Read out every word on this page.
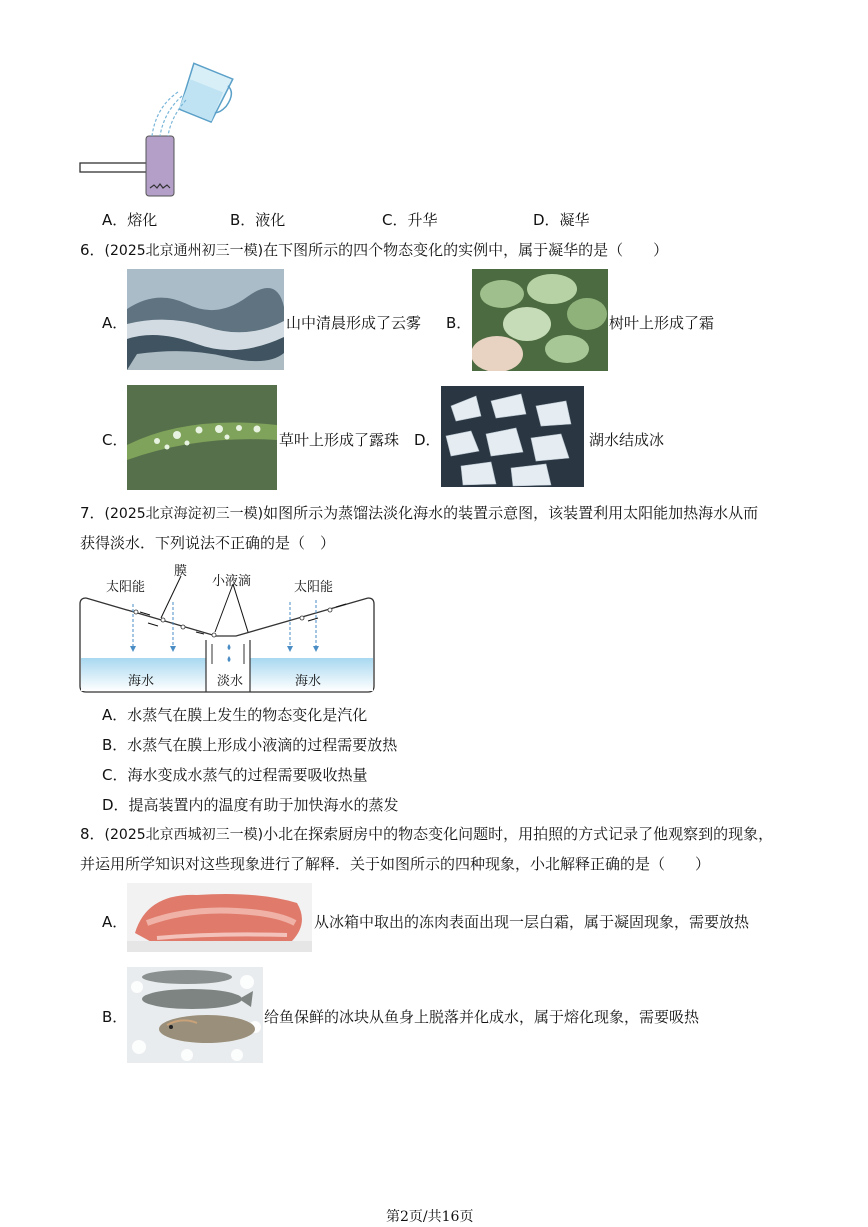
A．熔化	B．液化	C．升华	D．凝华
6．(2025北京通州初三一模)在下图所示的四个物态变化的实例中，属于凝华的是（　　）
A．	山中清晨形成了云雾 B．	树叶上形成了霜
C．	草叶上形成了露珠 D．	湖水结成冰
7．(2025北京海淀初三一模)如图所示为蒸馏法淡化海水的装置示意图，该装置利用太阳能加热海水从而
获得淡水．下列说法不正确的是（　）
太阳能
膜
小液滴	太阳能
海水	淡水	海水
A．水蒸气在膜上发生的物态变化是汽化
B．水蒸气在膜上形成小液滴的过程需要放热
C．海水变成水蒸气的过程需要吸收热量
D．提高装置内的温度有助于加快海水的蒸发
8．(2025北京西城初三一模)小北在探索厨房中的物态变化问题时，用拍照的方式记录了他观察到的现象，
并运用所学知识对这些现象进行了解释．关于如图所示的四种现象，小北解释正确的是（　　）
A．	从冰箱中取出的冻肉表面出现一层白霜，属于凝固现象，需要放热
B．	给鱼保鲜的冰块从鱼身上脱落并化成水，属于熔化现象，需要吸热
第2页/共16页
